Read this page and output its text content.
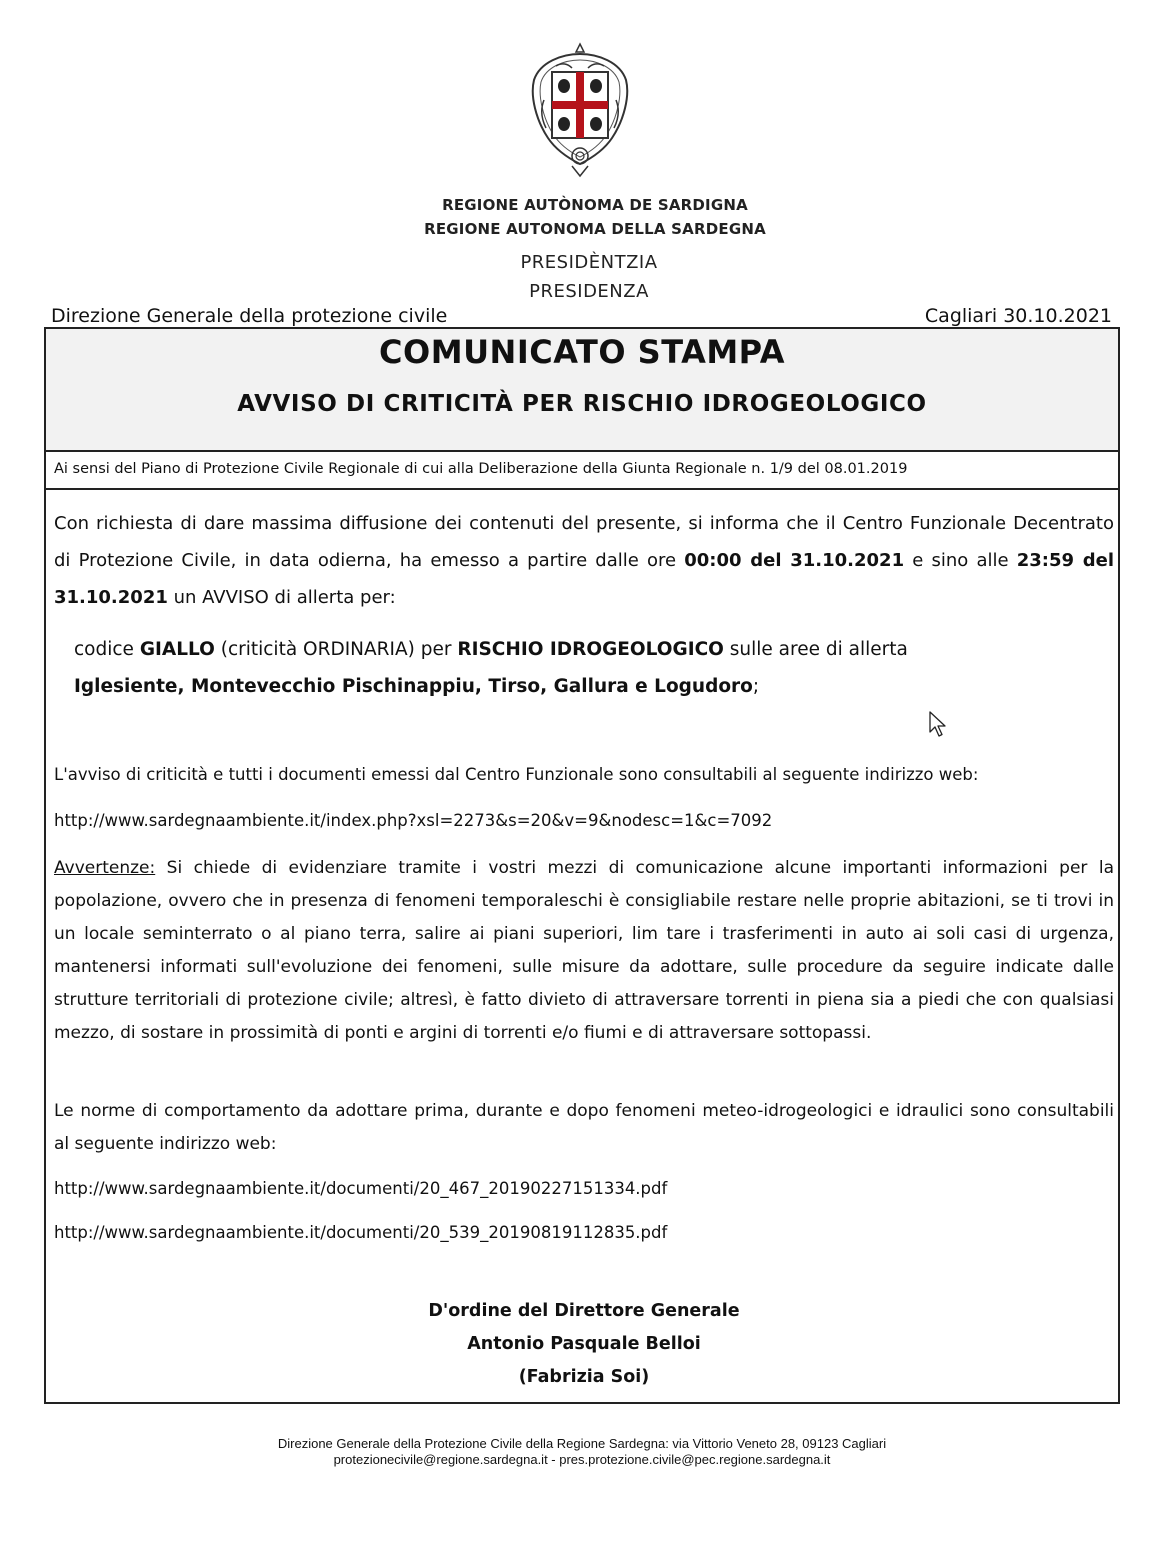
REGIONE AUTÒNOMA DE SARDIGNA
REGIONE AUTONOMA DELLA SARDEGNA
PRESIDÈNTZIA
PRESIDENZA
Direzione Generale della protezione civile	Cagliari 30.10.2021
COMUNICATO STAMPA
AVVISO DI CRITICITÀ PER RISCHIO IDROGEOLOGICO
Ai sensi del Piano di Protezione Civile Regionale di cui alla Deliberazione della Giunta Regionale n. 1/9 del 08.01.2019
Con richiesta di dare massima diffusione dei contenuti del presente, si informa che il Centro Funzionale Decentrato di Protezione Civile, in data odierna, ha emesso a partire dalle ore 00:00 del 31.10.2021 e sino alle 23:59 del 31.10.2021 un AVVISO di allerta per:
codice GIALLO (criticità ORDINARIA) per RISCHIO IDROGEOLOGICO sulle aree di allerta
Iglesiente, Montevecchio Pischinappiu, Tirso, Gallura e Logudoro;
L'avviso di criticità e tutti i documenti emessi dal Centro Funzionale sono consultabili al seguente indirizzo web:
http://www.sardegnaambiente.it/index.php?xsl=2273&s=20&v=9&nodesc=1&c=7092
Avvertenze: Si chiede di evidenziare tramite i vostri mezzi di comunicazione alcune importanti informazioni per la popolazione, ovvero che in presenza di fenomeni temporaleschi è consigliabile restare nelle proprie abitazioni, se ti trovi in un locale seminterrato o al piano terra, salire ai piani superiori, lim tare i trasferimenti in auto ai soli casi di urgenza, mantenersi informati sull'evoluzione dei fenomeni, sulle misure da adottare, sulle procedure da seguire indicate dalle strutture territoriali di protezione civile; altresì, è fatto divieto di attraversare torrenti in piena sia a piedi che con qualsiasi mezzo, di sostare in prossimità di ponti e argini di torrenti e/o fiumi e di attraversare sottopassi.
Le norme di comportamento da adottare prima, durante e dopo fenomeni meteo-idrogeologici e idraulici sono consultabili al seguente indirizzo web:
http://www.sardegnaambiente.it/documenti/20_467_20190227151334.pdf
http://www.sardegnaambiente.it/documenti/20_539_20190819112835.pdf
D'ordine del Direttore Generale
Antonio Pasquale Belloi
(Fabrizia Soi)
Direzione Generale della Protezione Civile della Regione Sardegna: via Vittorio Veneto 28, 09123 Cagliari
protezionecivile@regione.sardegna.it - pres.protezione.civile@pec.regione.sardegna.it
